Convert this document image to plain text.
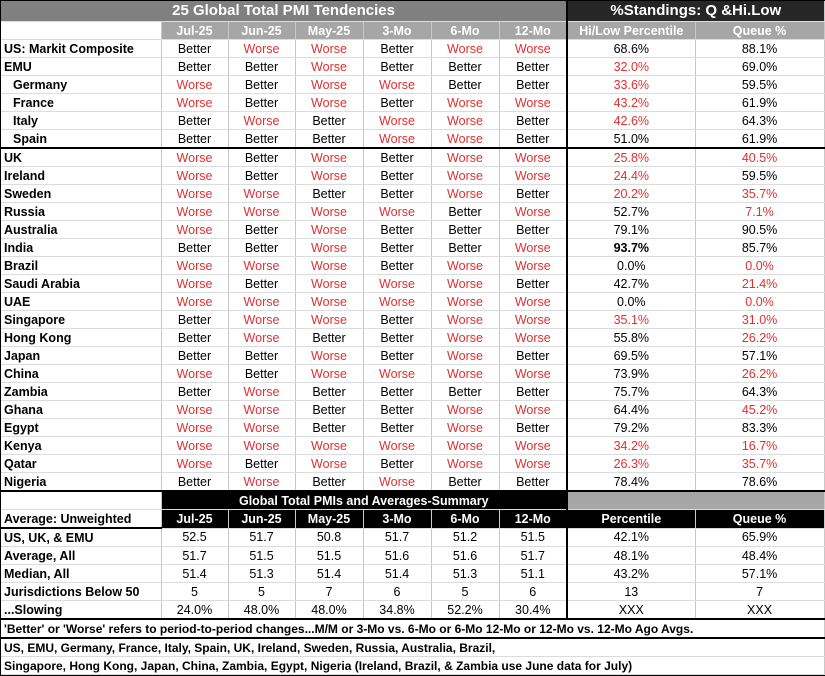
25 Global Total PMI Tendencies							%Standings: Q &Hi.Low	
	Jul-25	Jun-25	May-25	3-Mo	6-Mo	12-Mo	Hi/Low Percentile	Queue %
US: Markit Composite	Better	Worse	Worse	Better	Worse	Worse	68.6%	88.1%
EMU	Better	Better	Worse	Better	Better	Better	32.0%	69.0%
Germany	Worse	Better	Worse	Worse	Better	Better	33.6%	59.5%
France	Worse	Better	Worse	Better	Worse	Worse	43.2%	61.9%
Italy	Better	Worse	Better	Worse	Worse	Better	42.6%	64.3%
Spain	Better	Better	Better	Worse	Worse	Better	51.0%	61.9%
UK	Worse	Better	Worse	Better	Worse	Worse	25.8%	40.5%
Ireland	Worse	Better	Worse	Better	Worse	Worse	24.4%	59.5%
Sweden	Worse	Worse	Better	Better	Worse	Better	20.2%	35.7%
Russia	Worse	Worse	Worse	Worse	Better	Worse	52.7%	7.1%
Australia	Worse	Better	Worse	Better	Better	Better	79.1%	90.5%
India	Better	Better	Worse	Better	Better	Worse	93.7%	85.7%
Brazil	Worse	Worse	Worse	Better	Worse	Worse	0.0%	0.0%
Saudi Arabia	Worse	Better	Worse	Worse	Worse	Better	42.7%	21.4%
UAE	Worse	Worse	Worse	Worse	Worse	Worse	0.0%	0.0%
Singapore	Better	Worse	Worse	Better	Worse	Worse	35.1%	31.0%
Hong Kong	Better	Worse	Better	Better	Worse	Worse	55.8%	26.2%
Japan	Better	Better	Worse	Better	Worse	Better	69.5%	57.1%
China	Worse	Better	Worse	Worse	Worse	Worse	73.9%	26.2%
Zambia	Better	Worse	Better	Better	Better	Better	75.7%	64.3%
Ghana	Worse	Worse	Better	Better	Worse	Worse	64.4%	45.2%
Egypt	Worse	Worse	Better	Better	Worse	Better	79.2%	83.3%
Kenya	Worse	Worse	Worse	Worse	Worse	Worse	34.2%	16.7%
Qatar	Worse	Better	Worse	Better	Worse	Worse	26.3%	35.7%
Nigeria	Better	Worse	Better	Worse	Better	Better	78.4%	78.6%
	Global Total PMIs and Averages-Summary							
Average: Unweighted	Jul-25	Jun-25	May-25	3-Mo	6-Mo	12-Mo	Percentile	Queue %
US, UK, & EMU	52.5	51.7	50.8	51.7	51.2	51.5	42.1%	65.9%
Average, All	51.7	51.5	51.5	51.6	51.6	51.7	48.1%	48.4%
Median, All	51.4	51.3	51.4	51.4	51.3	51.1	43.2%	57.1%
Jurisdictions Below 50	5	5	7	6	5	6	13	7
...Slowing	24.0%	48.0%	48.0%	34.8%	52.2%	30.4%	XXX	XXX
'Better' or 'Worse' refers to period-to-period changes...M/M or 3-Mo vs. 6-Mo or 6-Mo 12-Mo or 12-Mo vs. 12-Mo Ago Avgs.								
US, EMU, Germany, France, Italy, Spain, UK, Ireland, Sweden, Russia, Australia, Brazil,								
Singapore, Hong Kong, Japan, China, Zambia, Egypt, Nigeria (Ireland, Brazil, & Zambia use June data for July)								
